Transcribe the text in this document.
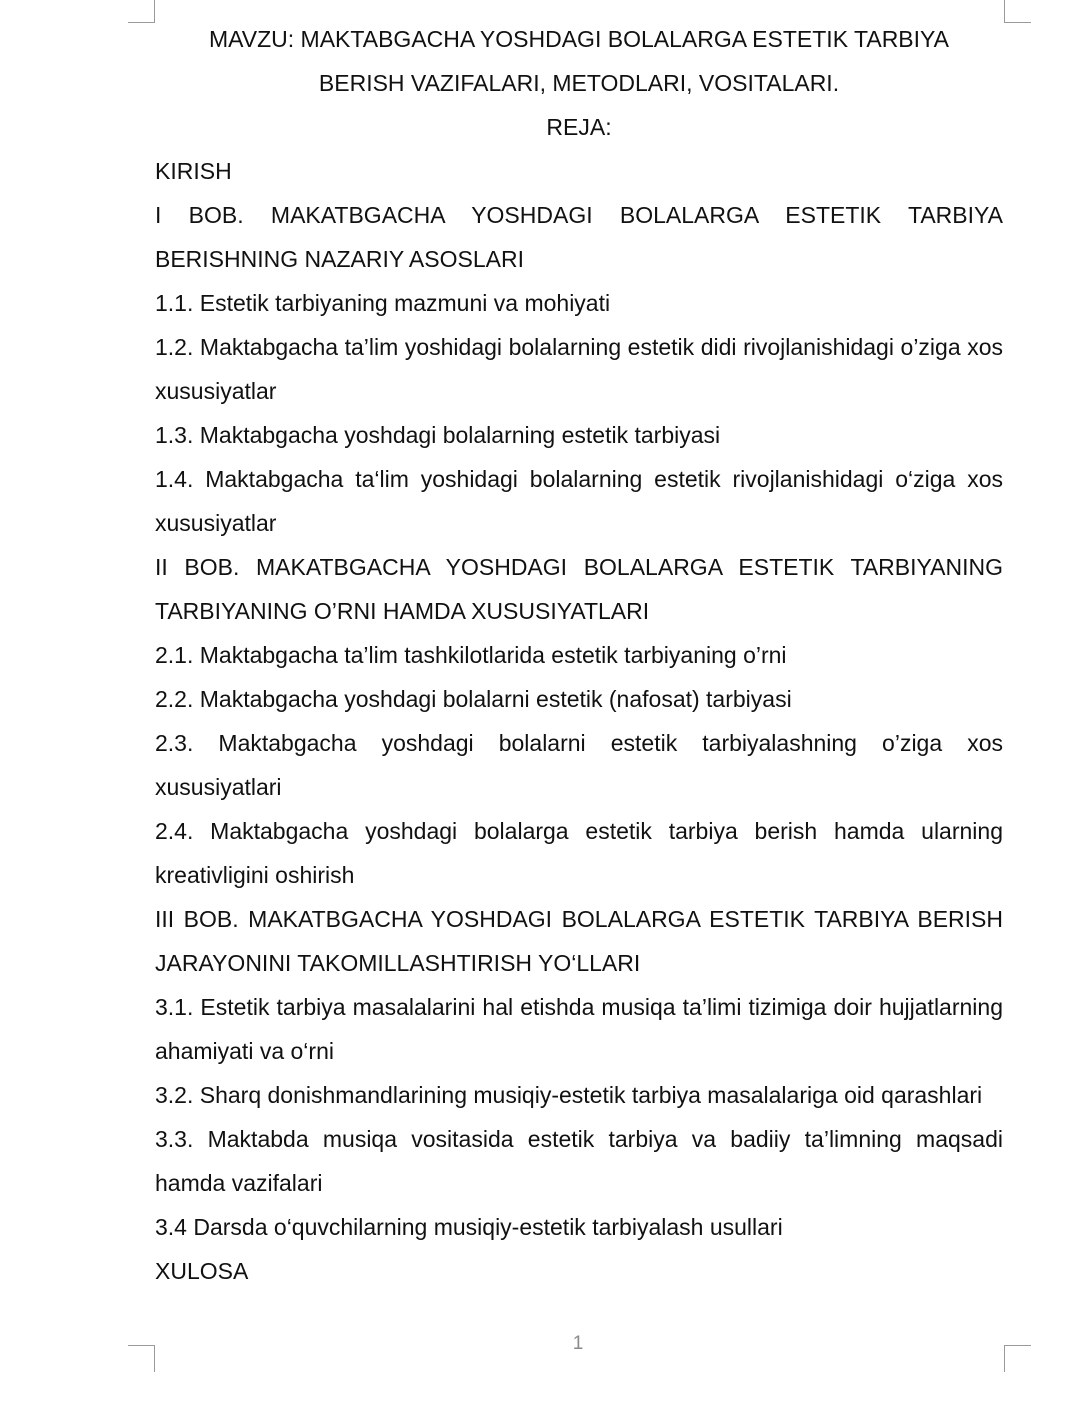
MAVZU: MAKTABGACHA YOSHDAGI BOLALARGA ESTETIK TARBIYA

BERISH VAZIFALARI, METODLARI, VOSITALARI.

REJA:

KIRISH

I BOB. MAKATBGACHA YOSHDAGI BOLALARGA ESTETIK TARBIYA BERISHNING NAZARIY ASOSLARI

1.1. Estetik tarbiyaning mazmuni va mohiyati

1.2. Maktabgacha ta’lim yoshidagi bolalarning estetik didi rivojlanishidagi o’ziga xos xususiyatlar

1.3. Maktabgacha yoshdagi bolalarning estetik tarbiyasi

1.4. Maktabgacha ta‘lim yoshidagi bolalarning estetik rivojlanishidagi o‘ziga xos xususiyatlar

II BOB. MAKATBGACHA YOSHDAGI BOLALARGA ESTETIK TARBIYANING TARBIYANING O’RNI HAMDA XUSUSIYATLARI

2.1. Maktabgacha ta’lim tashkilotlarida estetik tarbiyaning o’rni

2.2. Maktabgacha yoshdagi bolalarni estetik (nafosat) tarbiyasi

2.3. Maktabgacha yoshdagi bolalarni estetik tarbiyalashning o’ziga xos xususiyatlari

2.4. Maktabgacha yoshdagi bolalarga estetik tarbiya berish hamda ularning kreativligini oshirish

III BOB. MAKATBGACHA YOSHDAGI BOLALARGA ESTETIK TARBIYA BERISH JARAYONINI TAKOMILLASHTIRISH YO‘LLARI

3.1. Estetik tarbiya masalalarini hal etishda musiqa ta’limi tizimiga doir hujjatlarning ahamiyati va o‘rni

3.2. Sharq donishmandlarining musiqiy-estetik tarbiya masalalariga oid qarashlari

3.3. Maktabda musiqa vositasida estetik tarbiya va badiiy ta’limning maqsadi hamda vazifalari

3.4 Darsda o‘quvchilarning musiqiy-estetik tarbiyalash usullari

XULOSA

1
